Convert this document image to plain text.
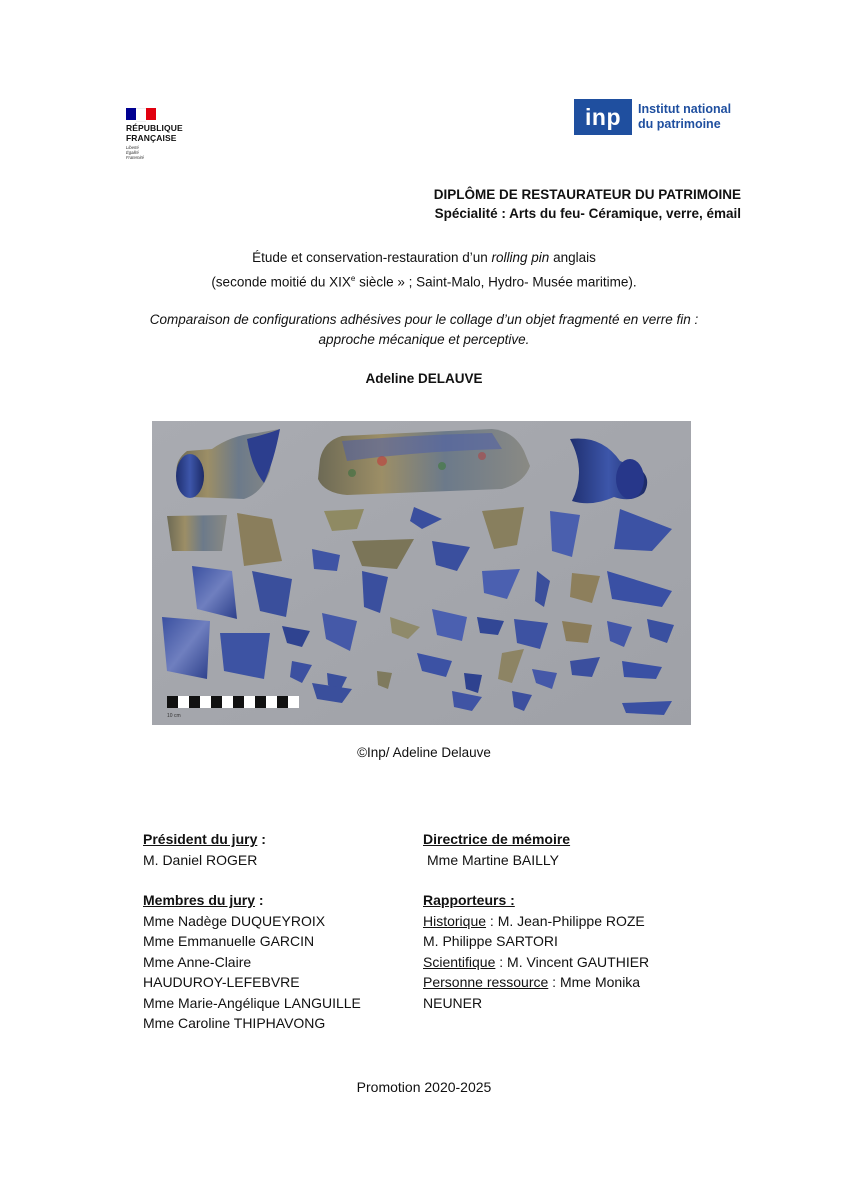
RÉPUBLIQUE
FRANÇAISE
Liberté
Égalité
Fraternité
inp	Institut national
du patrimoine
DIPLÔME DE RESTAURATEUR DU PATRIMOINE
Spécialité : Arts du feu- Céramique, verre, émail
Étude et conservation-restauration d’un rolling pin anglais
(seconde moitié du XIXe siècle » ; Saint-Malo, Hydro- Musée maritime).
Comparaison de configurations adhésives pour le collage d’un objet fragmenté en verre fin :
approche mécanique et perceptive.
Adeline DELAUVE
10 cm
©Inp/ Adeline Delauve
Président du jury :
M. Daniel ROGER
Membres du jury :
Mme Nadège DUQUEYROIX
Mme Emmanuelle GARCIN
Mme Anne-Claire
HAUDUROY-LEFEBVRE
Mme Marie-Angélique LANGUILLE
Mme Caroline THIPHAVONG
Directrice de mémoire
Mme Martine BAILLY
Rapporteurs :
Historique : M. Jean-Philippe ROZE
M. Philippe SARTORI
Scientifique : M. Vincent GAUTHIER
Personne ressource : Mme Monika
NEUNER
Promotion 2020-2025
